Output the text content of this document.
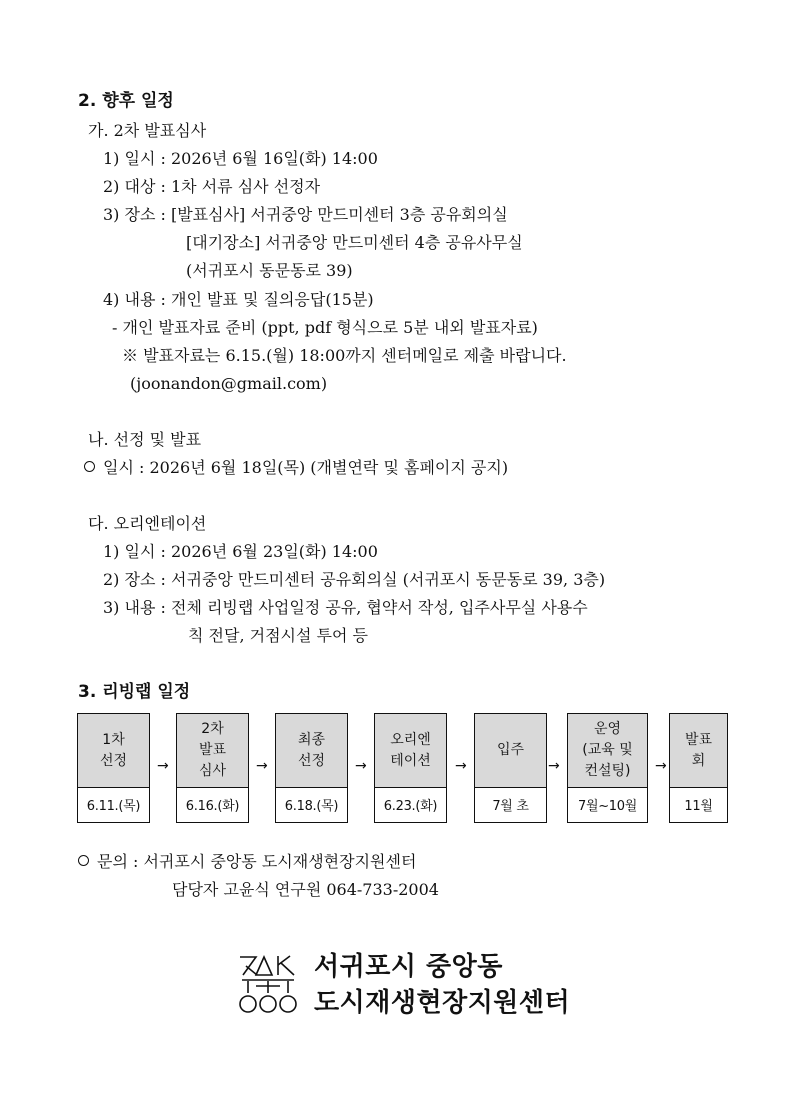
2. 향후 일정
가. 2차 발표심사
1) 일시 : 2026년 6월 16일(화) 14:00
2) 대상 : 1차 서류 심사 선정자
3) 장소 : [발표심사] 서귀중앙 만드미센터 3층 공유회의실
[대기장소] 서귀중앙 만드미센터 4층 공유사무실
(서귀포시 동문동로 39)
4) 내용 : 개인 발표 및 질의응답(15분)
- 개인 발표자료 준비 (ppt, pdf 형식으로 5분 내외 발표자료)
※ 발표자료는 6.15.(월) 18:00까지 센터메일로 제출 바랍니다.
(joonandon@gmail.com)
나. 선정 및 발표
일시 : 2026년 6월 18일(목) (개별연락 및 홈페이지 공지)
다. 오리엔테이션
1) 일시 : 2026년 6월 23일(화) 14:00
2) 장소 : 서귀중앙 만드미센터 공유회의실 (서귀포시 동문동로 39, 3층)
3) 내용 : 전체 리빙랩 사업일정 공유, 협약서 작성, 입주사무실 사용수
칙 전달, 거점시설 투어 등
3. 리빙랩 일정
1차
선정
6.11.(목)
→
2차
발표
심사
6.16.(화)
→
최종
선정
6.18.(목)
→
오리엔
테이션
6.23.(화)
→
입주
7월 초
→
운영
(교육 및
컨설팅)
7월~10월
→
발표
회
11월
문의 : 서귀포시 중앙동 도시재생현장지원센터
담당자 고윤식 연구원 064-733-2004
서귀포시 중앙동
도시재생현장지원센터
